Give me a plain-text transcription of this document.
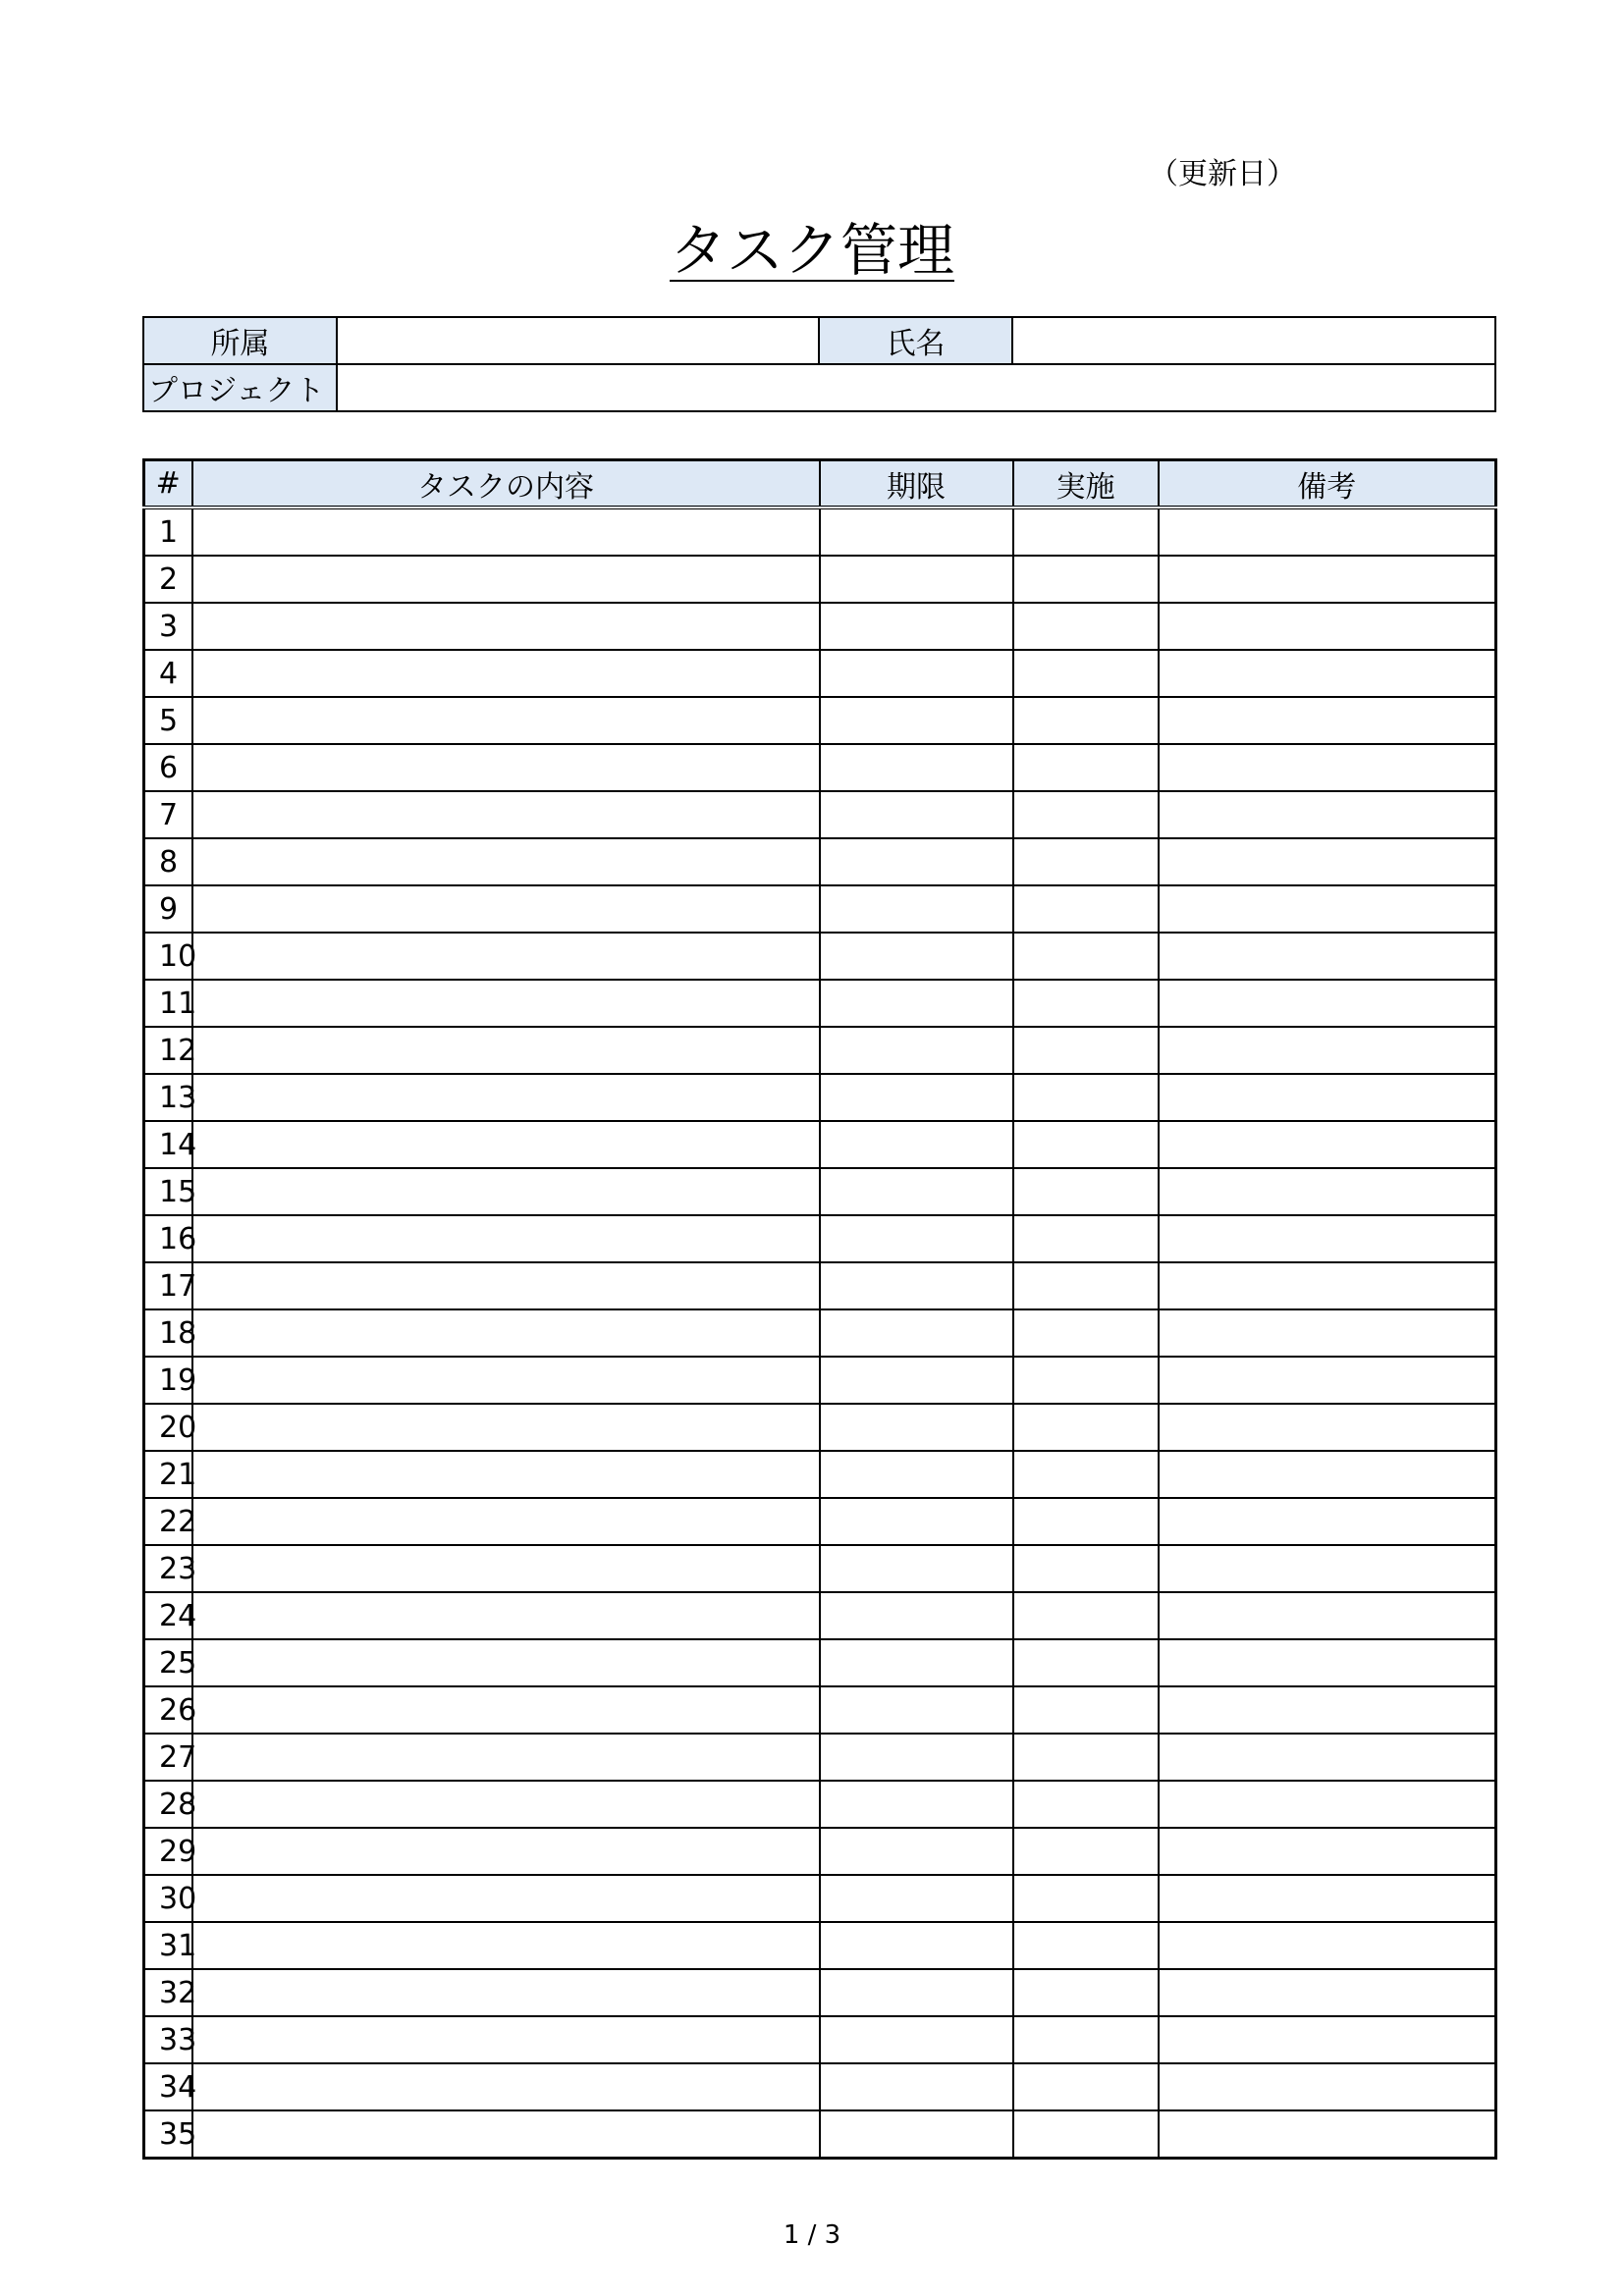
（更新日）
タスク管理
所属		氏名	
プロジェクト			
#	タスクの内容	期限	実施	備考
1				
2				
3				
4				
5				
6				
7				
8				
9				
10				
11				
12				
13				
14				
15				
16				
17				
18				
19				
20				
21				
22				
23				
24				
25				
26				
27				
28				
29				
30				
31				
32				
33				
34				
35				
1 / 3
